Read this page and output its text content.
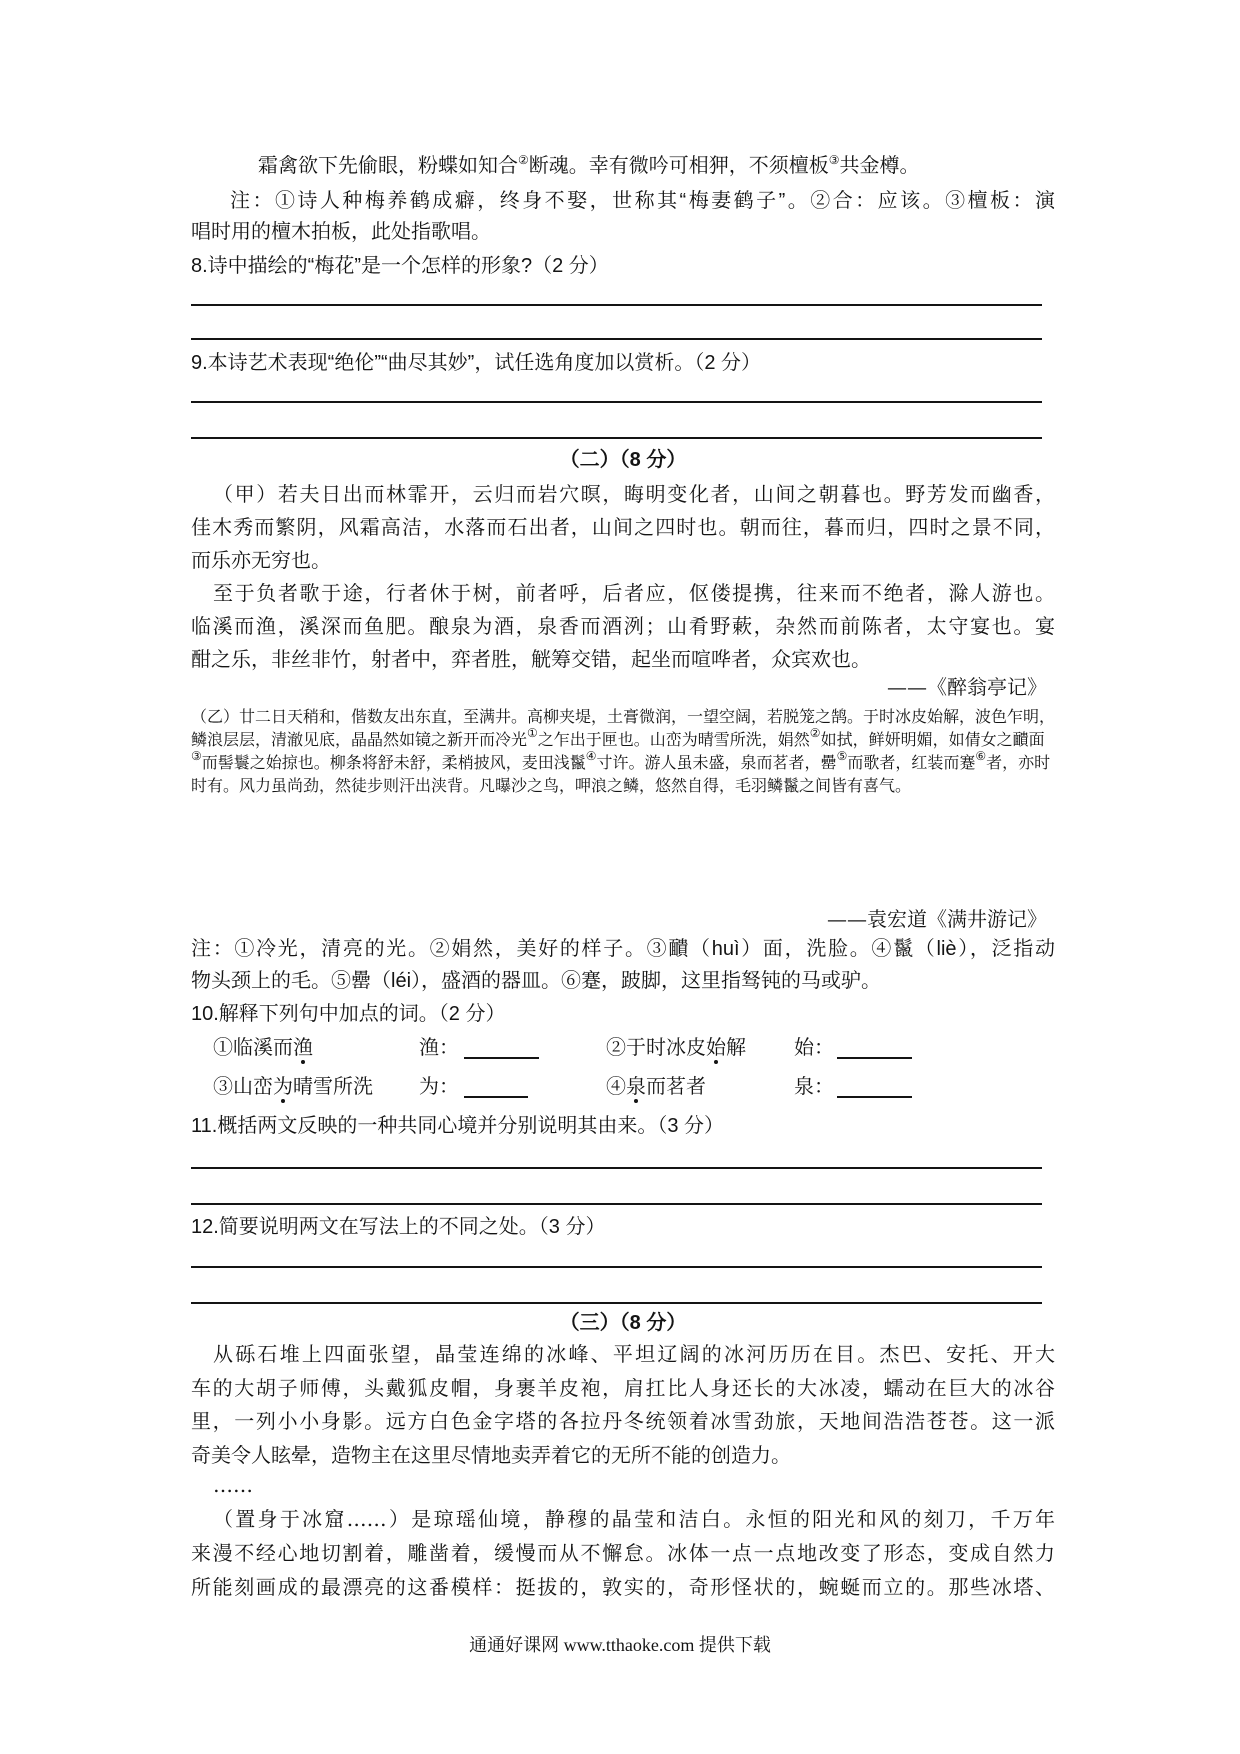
霜禽欲下先偷眼，粉蝶如知合②断魂。幸有微吟可相狎，不须檀板③共金樽。
注：①诗人种梅养鹤成癖，终身不娶，世称其“梅妻鹤子”。②合：应该。③檀板：演
唱时用的檀木拍板，此处指歌唱。
8.诗中描绘的“梅花”是一个怎样的形象?（2 分）
9.本诗艺术表现“绝伦”“曲尽其妙”，试任选角度加以赏析。（2 分）
（二）（8 分）
（甲）若夫日出而林霏开，云归而岩穴暝，晦明变化者，山间之朝暮也。野芳发而幽香，
佳木秀而繁阴，风霜高洁，水落而石出者，山间之四时也。朝而往，暮而归，四时之景不同，
而乐亦无穷也。
至于负者歌于途，行者休于树，前者呼，后者应，伛偻提携，往来而不绝者，滁人游也。
临溪而渔，溪深而鱼肥。酿泉为酒，泉香而酒洌；山肴野蔌，杂然而前陈者，太守宴也。宴
酣之乐，非丝非竹，射者中，弈者胜，觥筹交错，起坐而喧哗者，众宾欢也。
——《醉翁亭记》
（乙）廿二日天稍和，偕数友出东直，至满井。高柳夹堤，土膏微润，一望空阔，若脱笼之鹄。于时冰皮始解，波色乍明，鳞浪层层，清澈见底，晶晶然如镜之新开而冷光①之乍出于匣也。山峦为晴雪所洗，娟然②如拭，鲜妍明媚，如倩女之靧面③而髻鬟之始掠也。柳条将舒未舒，柔梢披风，麦田浅鬣④寸许。游人虽未盛，泉而茗者，罍⑤而歌者，红装而蹇⑥者，亦时时有。风力虽尚劲，然徒步则汗出浃背。凡曝沙之鸟，呷浪之鳞，悠然自得，毛羽鳞鬣之间皆有喜气。
——袁宏道《满井游记》
注：①冷光，清亮的光。②娟然，美好的样子。③靧（huì）面，洗脸。④鬣（liè），泛指动
物头颈上的毛。⑤罍（léi），盛酒的器皿。⑥蹇，跛脚，这里指驽钝的马或驴。
10.解释下列句中加点的词。（2 分）
①临溪而渔	渔：	②于时冰皮始解 始：
③山峦为晴雪所洗 为：	④泉而茗者	泉：
11.概括两文反映的一种共同心境并分别说明其由来。（3 分）
12.简要说明两文在写法上的不同之处。（3 分）
（三）（8 分）
从砾石堆上四面张望，晶莹连绵的冰峰、平坦辽阔的冰河历历在目。杰巴、安托、开大
车的大胡子师傅，头戴狐皮帽，身裹羊皮袍，肩扛比人身还长的大冰凌，蠕动在巨大的冰谷
里，一列小小身影。远方白色金字塔的各拉丹冬统领着冰雪劲旅，天地间浩浩苍苍。这一派
奇美令人眩晕，造物主在这里尽情地卖弄着它的无所不能的创造力。
……
（置身于冰窟……）是琼瑶仙境，静穆的晶莹和洁白。永恒的阳光和风的刻刀，千万年
来漫不经心地切割着，雕凿着，缓慢而从不懈怠。冰体一点一点地改变了形态，变成自然力
所能刻画成的最漂亮的这番模样：挺拔的，敦实的，奇形怪状的，蜿蜒而立的。那些冰塔、
通通好课网 www.tthaoke.com 提供下载
